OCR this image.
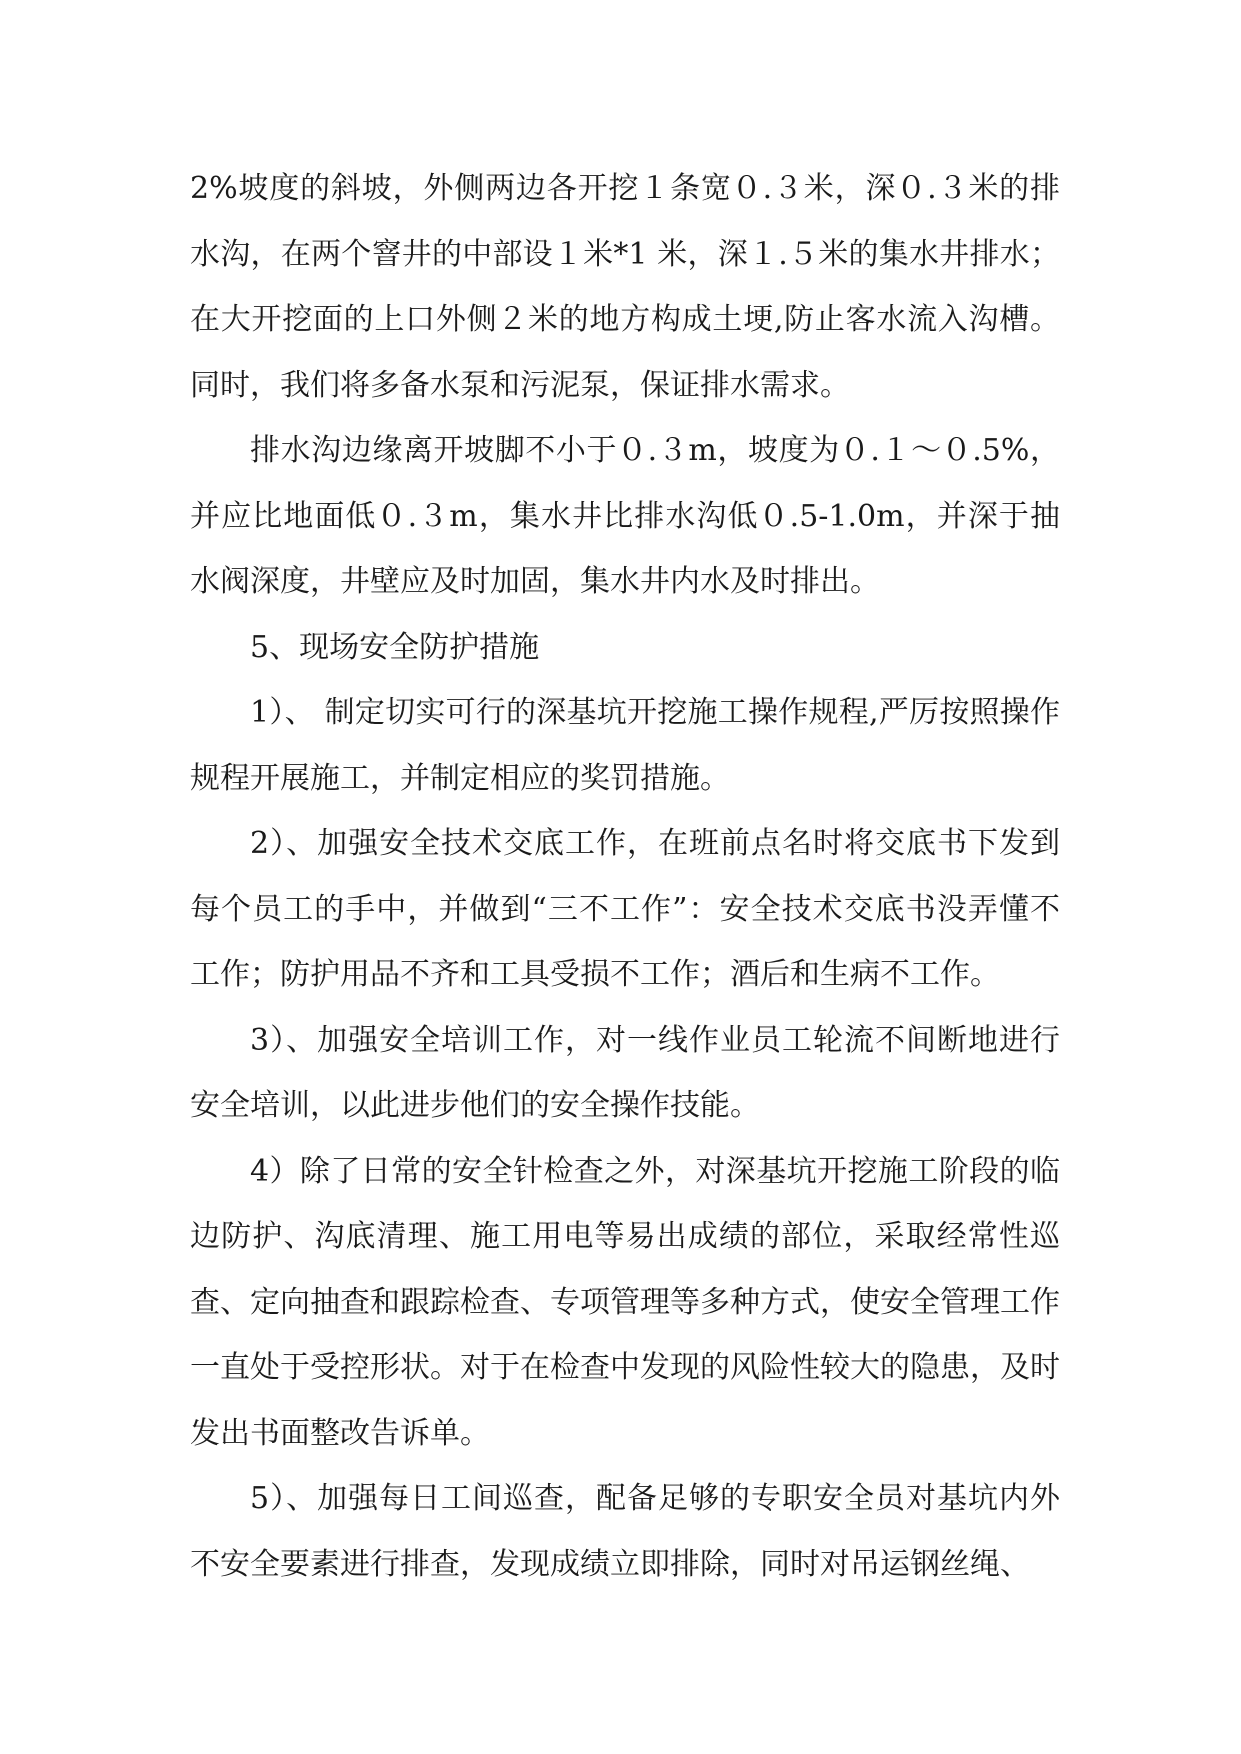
2%坡度的斜坡，外侧两边各开挖１条宽０.３米，深０.３米的排水沟，在两个窨井的中部设１米*1 米，深１.５米的集水井排水；在大开挖面的上口外侧２米的地方构成土埂,防止客水流入沟槽。同时，我们将多备水泵和污泥泵，保证排水需求。

排水沟边缘离开坡脚不小于０.３m，坡度为０.１～０.5%，并应比地面低０.３m，集水井比排水沟低０.5-1.0m，并深于抽水阀深度，井壁应及时加固，集水井内水及时排出。

5、现场安全防护措施

1）、 制定切实可行的深基坑开挖施工操作规程,严厉按照操作规程开展施工，并制定相应的奖罚措施。

2）、加强安全技术交底工作，在班前点名时将交底书下发到每个员工的手中，并做到“三不工作”：安全技术交底书没弄懂不工作；防护用品不齐和工具受损不工作；酒后和生病不工作。

3）、加强安全培训工作，对一线作业员工轮流不间断地进行安全培训，以此进步他们的安全操作技能。

4）除了日常的安全针检查之外，对深基坑开挖施工阶段的临边防护、沟底清理、施工用电等易出成绩的部位，采取经常性巡查、定向抽查和跟踪检查、专项管理等多种方式，使安全管理工作一直处于受控形状。对于在检查中发现的风险性较大的隐患，及时发出书面整改告诉单。

5）、加强每日工间巡查，配备足够的专职安全员对基坑内外不安全要素进行排查，发现成绩立即排除，同时对吊运钢丝绳、
